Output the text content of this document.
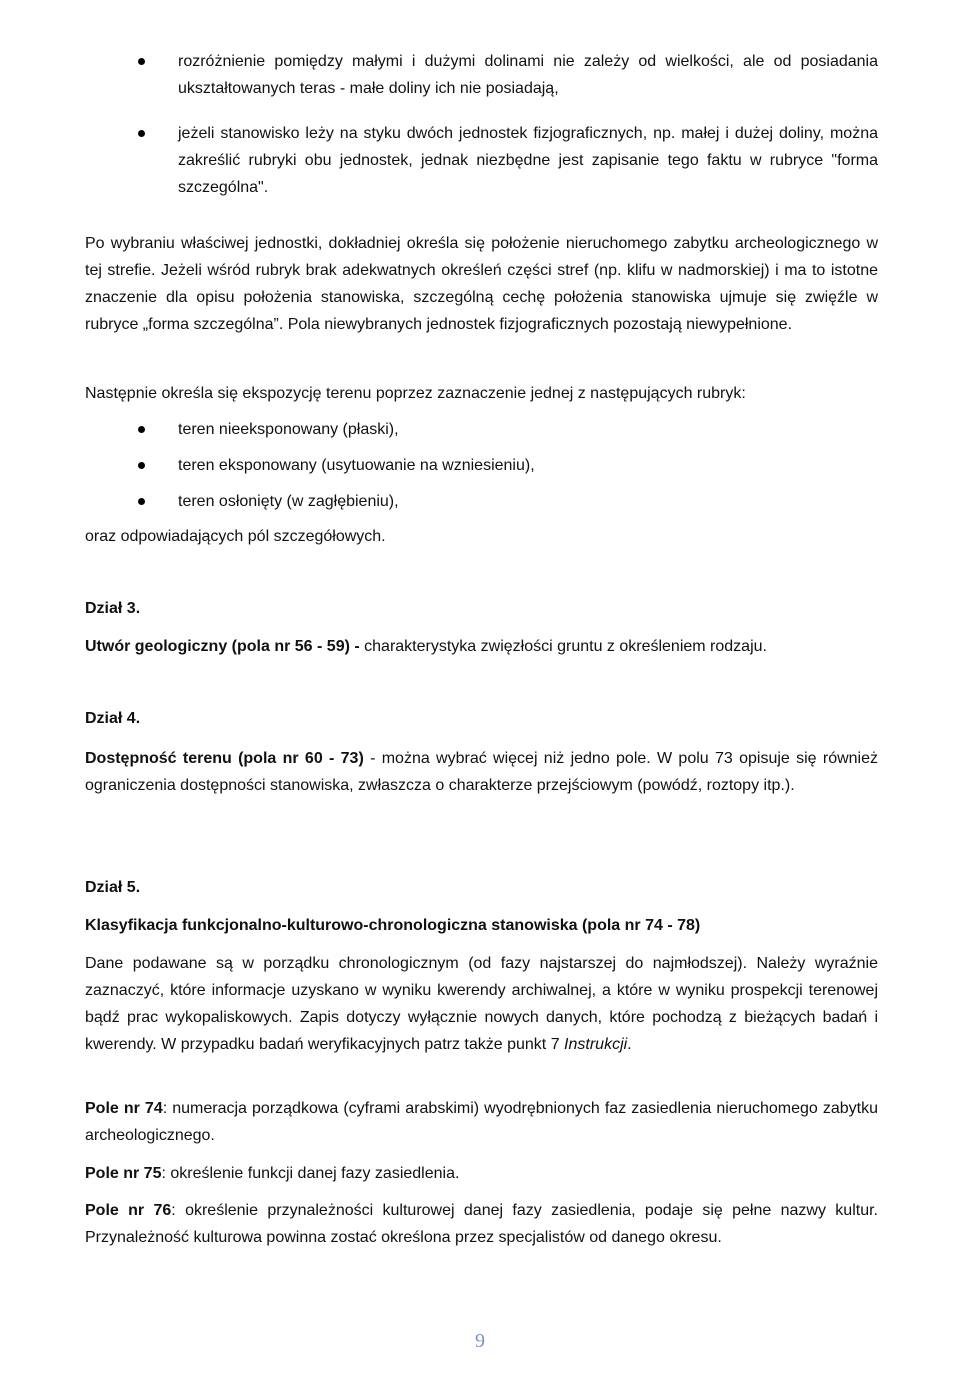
rozróżnienie pomiędzy małymi i dużymi dolinami nie zależy od wielkości, ale od posiadania ukształtowanych teras - małe doliny ich nie posiadają,
jeżeli stanowisko leży na styku dwóch jednostek fizjograficznych, np. małej i dużej doliny, można zakreślić rubryki obu jednostek, jednak niezbędne jest zapisanie tego faktu w rubryce "forma szczególna".

Po wybraniu właściwej jednostki, dokładniej określa się położenie nieruchomego zabytku archeologicznego w tej strefie. Jeżeli wśród rubryk brak adekwatnych określeń części stref (np. klifu w nadmorskiej) i ma to istotne znaczenie dla opisu położenia stanowiska, szczególną cechę położenia stanowiska ujmuje się zwięźle w rubryce „forma szczególna”. Pola niewybranych jednostek fizjograficznych pozostają niewypełnione.

Następnie określa się ekspozycję terenu poprzez zaznaczenie jednej z następujących rubryk:

teren nieeksponowany (płaski),
teren eksponowany (usytuowanie na wzniesieniu),
teren osłonięty (w zagłębieniu),

oraz odpowiadających pól szczegółowych.

Dział 3.

Utwór geologiczny (pola nr 56 - 59) - charakterystyka zwięzłości gruntu z określeniem rodzaju.

Dział 4.

Dostępność terenu (pola nr 60 - 73) - można wybrać więcej niż jedno pole. W polu 73 opisuje się również ograniczenia dostępności stanowiska, zwłaszcza o charakterze przejściowym (powódź, roztopy itp.).

Dział 5.

Klasyfikacja funkcjonalno-kulturowo-chronologiczna stanowiska (pola nr 74 - 78)

Dane podawane są w porządku chronologicznym (od fazy najstarszej do najmłodszej). Należy wyraźnie zaznaczyć, które informacje uzyskano w wyniku kwerendy archiwalnej, a które w wyniku prospekcji terenowej bądź prac wykopaliskowych. Zapis dotyczy wyłącznie nowych danych, które pochodzą z bieżących badań i kwerendy. W przypadku badań weryfikacyjnych patrz także punkt 7 Instrukcji.

Pole nr 74: numeracja porządkowa (cyframi arabskimi) wyodrębnionych faz zasiedlenia nieruchomego zabytku archeologicznego.

Pole nr 75: określenie funkcji danej fazy zasiedlenia.

Pole nr 76: określenie przynależności kulturowej danej fazy zasiedlenia, podaje się pełne nazwy kultur. Przynależność kulturowa powinna zostać określona przez specjalistów od danego okresu.

9
